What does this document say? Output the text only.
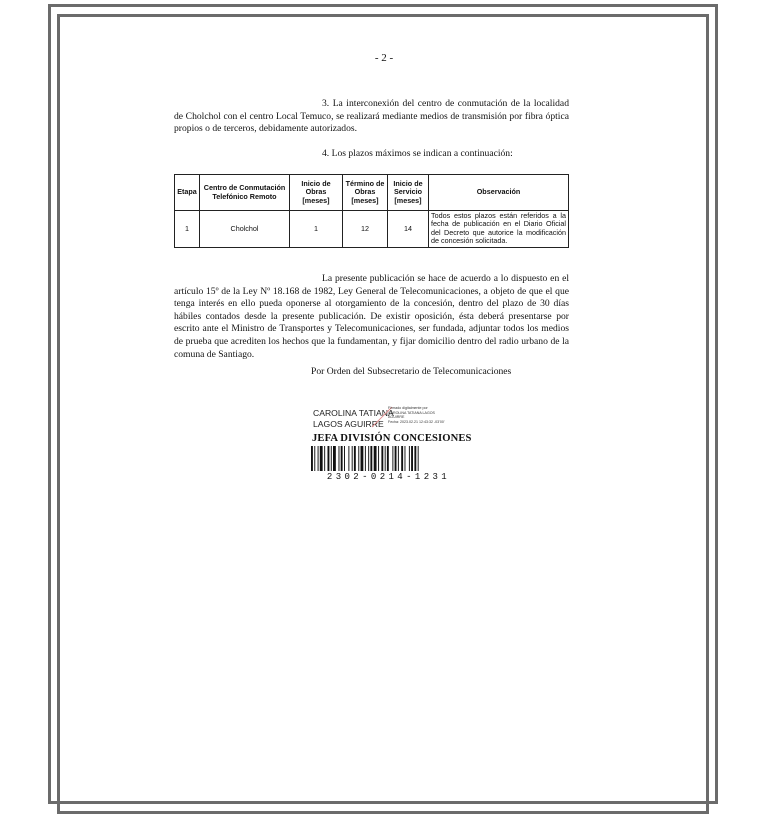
- 2 -

3. La interconexión del centro de conmutación de la localidad de Cholchol con el centro Local Temuco, se realizará mediante medios de transmisión por fibra óptica propios o de terceros, debidamente autorizados.

4. Los plazos máximos se indican a continuación:

Etapa	Centro de Conmutación Telefónico Remoto	Inicio de Obras [meses]	Término de Obras [meses]	Inicio de Servicio [meses]	Observación
1	Cholchol	1	12	14	Todos estos plazos están referidos a la fecha de publicación en el Diario Oficial del Decreto que autorice la modificación de concesión solicitada.

La presente publicación se hace de acuerdo a lo dispuesto en el artículo 15º de la Ley Nº 18.168 de 1982, Ley General de Telecomunicaciones, a objeto de que el que tenga interés en ello pueda oponerse al otorgamiento de la concesión, dentro del plazo de 30 días hábiles contados desde la presente publicación. De existir oposición, ésta deberá presentarse por escrito ante el Ministro de Transportes y Telecomunicaciones, ser fundada, adjuntar todos los medios de prueba que acrediten los hechos que la fundamentan, y fijar domicilio dentro del radio urbano de la comuna de Santiago.

Por Orden del Subsecretario de Telecomunicaciones
CAROLINA TATIANA
LAGOS AGUIRRE
Firmado digitalmente por
CAROLINA TATIANA LAGOS
AGUIRRE
Fecha: 2023.02.21 12:43:32 -03'00'
JEFA DIVISIÓN CONCESIONES
2302-0214-1231
